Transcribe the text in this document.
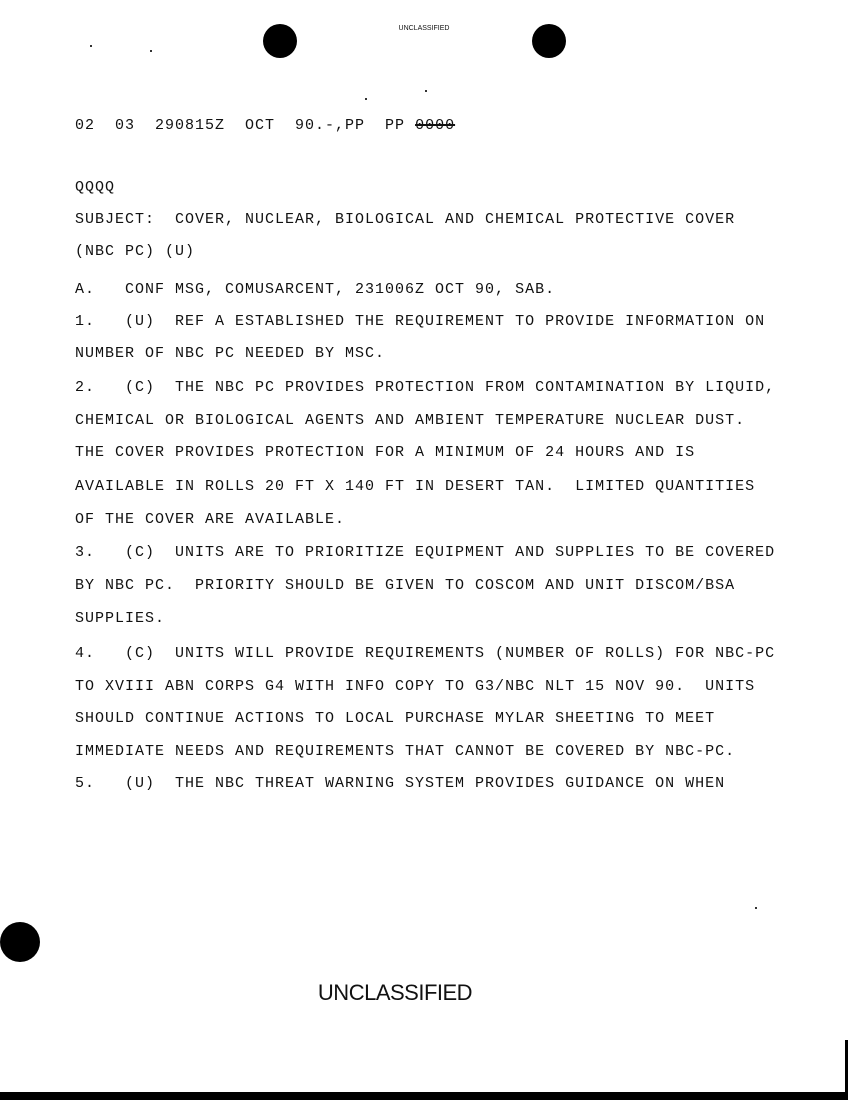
UNCLASSIFIED
02  03  290815Z  OCT  90.-,PP  PP 0000
QQQQ
SUBJECT:  COVER, NUCLEAR, BIOLOGICAL AND CHEMICAL PROTECTIVE COVER
(NBC PC) (U)
A.   CONF MSG, COMUSARCENT, 231006Z OCT 90, SAB.
1.   (U)  REF A ESTABLISHED THE REQUIREMENT TO PROVIDE INFORMATION ON
NUMBER OF NBC PC NEEDED BY MSC.
2.   (C)  THE NBC PC PROVIDES PROTECTION FROM CONTAMINATION BY LIQUID,
CHEMICAL OR BIOLOGICAL AGENTS AND AMBIENT TEMPERATURE NUCLEAR DUST.
THE COVER PROVIDES PROTECTION FOR A MINIMUM OF 24 HOURS AND IS
AVAILABLE IN ROLLS 20 FT X 140 FT IN DESERT TAN.  LIMITED QUANTITIES
OF THE COVER ARE AVAILABLE.
3.   (C)  UNITS ARE TO PRIORITIZE EQUIPMENT AND SUPPLIES TO BE COVERED
BY NBC PC.  PRIORITY SHOULD BE GIVEN TO COSCOM AND UNIT DISCOM/BSA
SUPPLIES.
4.   (C)  UNITS WILL PROVIDE REQUIREMENTS (NUMBER OF ROLLS) FOR NBC-PC
TO XVIII ABN CORPS G4 WITH INFO COPY TO G3/NBC NLT 15 NOV 90.  UNITS
SHOULD CONTINUE ACTIONS TO LOCAL PURCHASE MYLAR SHEETING TO MEET
IMMEDIATE NEEDS AND REQUIREMENTS THAT CANNOT BE COVERED BY NBC-PC.
5.   (U)  THE NBC THREAT WARNING SYSTEM PROVIDES GUIDANCE ON WHEN
UNCLASSIFIED
